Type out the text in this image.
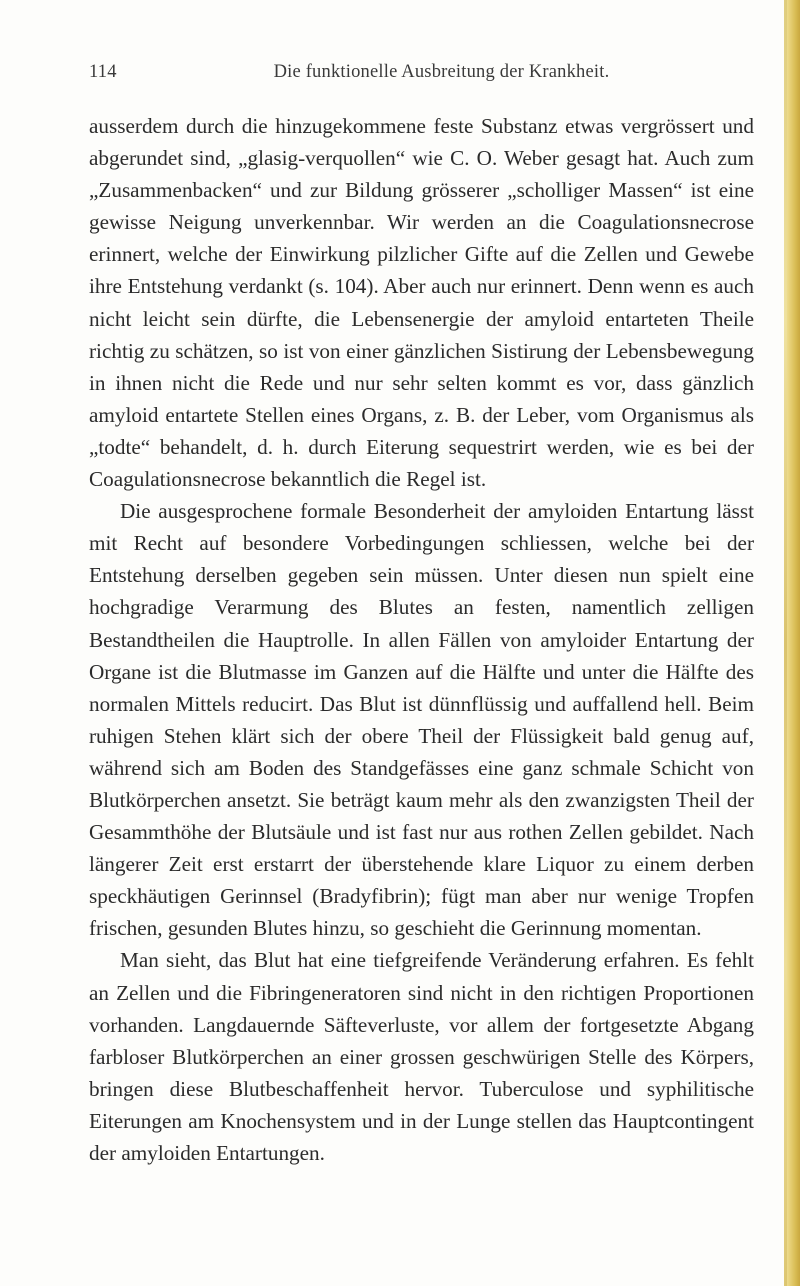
114	Die funktionelle Ausbreitung der Krankheit.

ausserdem durch die hinzugekommene feste Substanz etwas vergrössert und abgerundet sind, „glasig-verquollen“ wie C. O. Weber gesagt hat. Auch zum „Zusammenbacken“ und zur Bildung grösserer „scholliger Massen“ ist eine gewisse Neigung unverkennbar. Wir werden an die Coagulationsnecrose erinnert, welche der Einwirkung pilzlicher Gifte auf die Zellen und Gewebe ihre Entstehung verdankt (s. 104). Aber auch nur erinnert. Denn wenn es auch nicht leicht sein dürfte, die Lebensenergie der amyloid entarteten Theile richtig zu schätzen, so ist von einer gänzlichen Sistirung der Lebensbewegung in ihnen nicht die Rede und nur sehr selten kommt es vor, dass gänzlich amyloid entartete Stellen eines Organs, z. B. der Leber, vom Organismus als „todte“ behandelt, d. h. durch Eiterung sequestrirt werden, wie es bei der Coagulationsnecrose bekanntlich die Regel ist.

Die ausgesprochene formale Besonderheit der amyloiden Entartung lässt mit Recht auf besondere Vorbedingungen schliessen, welche bei der Entstehung derselben gegeben sein müssen. Unter diesen nun spielt eine hochgradige Verarmung des Blutes an festen, namentlich zelligen Bestandtheilen die Hauptrolle. In allen Fällen von amyloider Entartung der Organe ist die Blutmasse im Ganzen auf die Hälfte und unter die Hälfte des normalen Mittels reducirt. Das Blut ist dünnflüssig und auffallend hell. Beim ruhigen Stehen klärt sich der obere Theil der Flüssigkeit bald genug auf, während sich am Boden des Standgefässes eine ganz schmale Schicht von Blutkörperchen ansetzt. Sie beträgt kaum mehr als den zwanzigsten Theil der Gesammthöhe der Blutsäule und ist fast nur aus rothen Zellen gebildet. Nach längerer Zeit erst erstarrt der überstehende klare Liquor zu einem derben speckhäutigen Gerinnsel (Bradyfibrin); fügt man aber nur wenige Tropfen frischen, gesunden Blutes hinzu, so geschieht die Gerinnung momentan.

Man sieht, das Blut hat eine tiefgreifende Veränderung erfahren. Es fehlt an Zellen und die Fibringeneratoren sind nicht in den richtigen Proportionen vorhanden. Langdauernde Säfteverluste, vor allem der fortgesetzte Abgang farbloser Blutkörperchen an einer grossen geschwürigen Stelle des Körpers, bringen diese Blutbeschaffenheit hervor. Tuberculose und syphilitische Eiterungen am Knochensystem und in der Lunge stellen das Hauptcontingent der amyloiden Entartungen.
